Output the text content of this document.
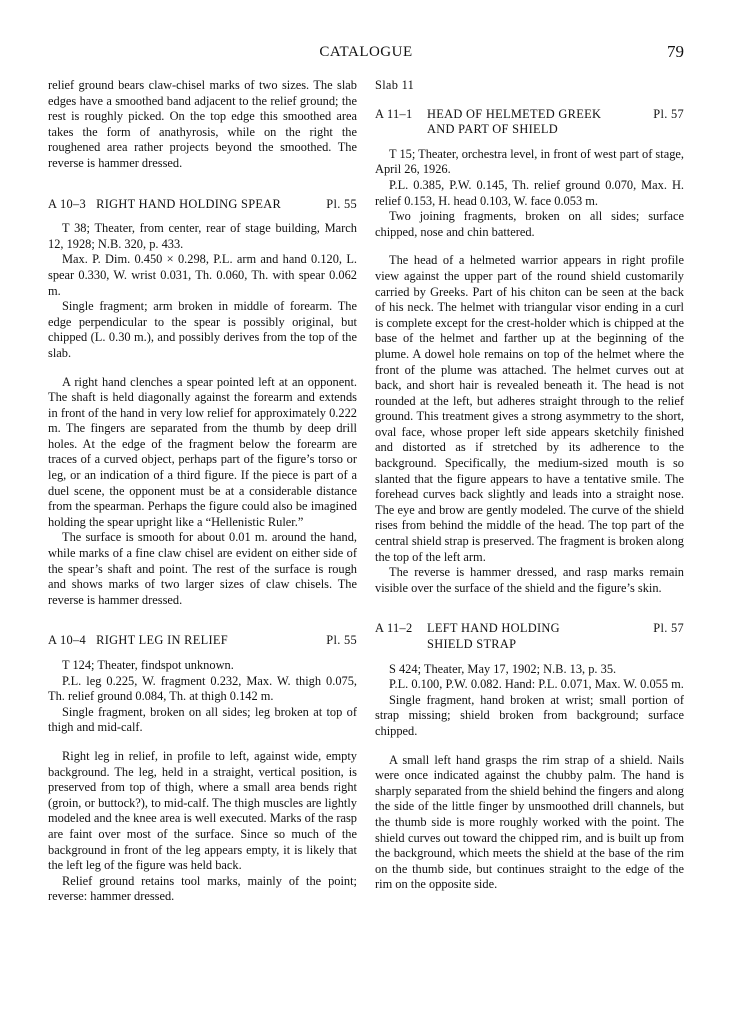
CATALOGUE	79

relief ground bears claw-chisel marks of two sizes. The slab edges have a smoothed band adjacent to the relief ground; the rest is roughly picked. On the top edge this smoothed area takes the form of anathyrosis, while on the right the roughened area rather projects beyond the smoothed. The reverse is hammer dressed.

A 10–3 RIGHT HAND HOLDING SPEAR	Pl. 55

T 38; Theater, from center, rear of stage building, March 12, 1928; N.B. 320, p. 433.

Max. P. Dim. 0.450 × 0.298, P.L. arm and hand 0.120, L. spear 0.330, W. wrist 0.031, Th. 0.060, Th. with spear 0.062 m.

Single fragment; arm broken in middle of forearm. The edge perpendicular to the spear is possibly original, but chipped (L. 0.30 m.), and possibly derives from the top of the slab.

A right hand clenches a spear pointed left at an opponent. The shaft is held diagonally against the forearm and extends in front of the hand in very low relief for approximately 0.222 m. The fingers are separated from the thumb by deep drill holes. At the edge of the fragment below the forearm are traces of a curved object, perhaps part of the figure’s torso or leg, or an indication of a third figure. If the piece is part of a duel scene, the opponent must be at a considerable distance from the spearman. Perhaps the figure could also be imagined holding the spear upright like a “Hellenistic Ruler.”

The surface is smooth for about 0.01 m. around the hand, while marks of a fine claw chisel are evident on either side of the spear’s shaft and point. The rest of the surface is rough and shows marks of two larger sizes of claw chisels. The reverse is hammer dressed.

A 10–4 RIGHT LEG IN RELIEF	Pl. 55

T 124; Theater, findspot unknown.

P.L. leg 0.225, W. fragment 0.232, Max. W. thigh 0.075, Th. relief ground 0.084, Th. at thigh 0.142 m.

Single fragment, broken on all sides; leg broken at top of thigh and mid-calf.

Right leg in relief, in profile to left, against wide, empty background. The leg, held in a straight, vertical position, is preserved from top of thigh, where a small area bends right (groin, or buttock?), to mid-calf. The thigh muscles are lightly modeled and the knee area is well executed. Marks of the rasp are faint over most of the surface. Since so much of the background in front of the leg appears empty, it is likely that the left leg of the figure was held back.

Relief ground retains tool marks, mainly of the point; reverse: hammer dressed.

Slab 11
A 11–1	HEAD OF HELMETED GREEK
AND PART OF SHIELD
Pl. 57

T 15; Theater, orchestra level, in front of west part of stage, April 26, 1926.

P.L. 0.385, P.W. 0.145, Th. relief ground 0.070, Max. H. relief 0.153, H. head 0.103, W. face 0.053 m.

Two joining fragments, broken on all sides; surface chipped, nose and chin battered.

The head of a helmeted warrior appears in right profile view against the upper part of the round shield customarily carried by Greeks. Part of his chiton can be seen at the back of his neck. The helmet with triangular visor ending in a curl is complete except for the crest-holder which is chipped at the base of the helmet and farther up at the beginning of the plume. A dowel hole remains on top of the helmet where the front of the plume was attached. The helmet curves out at back, and short hair is revealed beneath it. The head is not rounded at the left, but adheres straight through to the relief ground. This treatment gives a strong asymmetry to the short, oval face, whose proper left side appears sketchily finished and distorted as if stretched by its adherence to the background. Specifically, the medium-sized mouth is so slanted that the figure appears to have a tentative smile. The forehead curves back slightly and leads into a straight nose. The eye and brow are gently modeled. The curve of the shield rises from behind the middle of the head. The top part of the central shield strap is preserved. The fragment is broken along the top of the left arm.

The reverse is hammer dressed, and rasp marks remain visible over the surface of the shield and the figure’s skin.

A 11–2	LEFT HAND HOLDING
SHIELD STRAP
Pl. 57

S 424; Theater, May 17, 1902; N.B. 13, p. 35.

P.L. 0.100, P.W. 0.082. Hand: P.L. 0.071, Max. W. 0.055 m.

Single fragment, hand broken at wrist; small portion of strap missing; shield broken from background; surface chipped.

A small left hand grasps the rim strap of a shield. Nails were once indicated against the chubby palm. The hand is sharply separated from the shield behind the fingers and along the side of the little finger by unsmoothed drill channels, but the thumb side is more roughly worked with the point. The shield curves out toward the chipped rim, and is built up from the background, which meets the shield at the base of the rim on the thumb side, but continues straight to the edge of the rim on the opposite side.
